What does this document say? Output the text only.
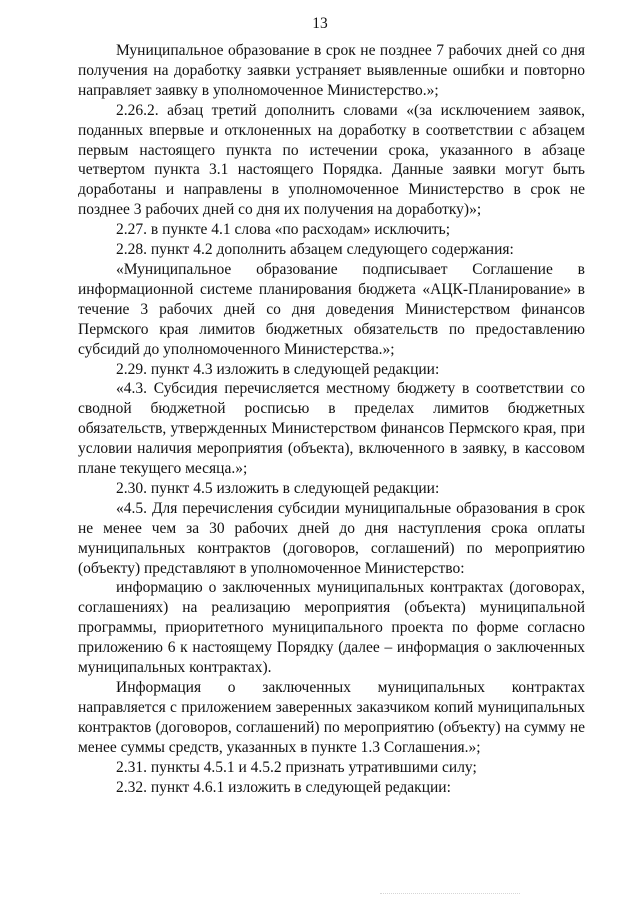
13

Муниципальное образование в срок не позднее 7 рабочих дней со дня получения на доработку заявки устраняет выявленные ошибки и повторно направляет заявку в уполномоченное Министерство.»;

2.26.2. абзац третий дополнить словами «(за исключением заявок, поданных впервые и отклоненных на доработку в соответствии с абзацем первым настоящего пункта по истечении срока, указанного в абзаце четвертом пункта 3.1 настоящего Порядка. Данные заявки могут быть доработаны и направлены в уполномоченное Министерство в срок не позднее 3 рабочих дней со дня их получения на доработку)»;

2.27. в пункте 4.1 слова «по расходам» исключить;

2.28. пункт 4.2 дополнить абзацем следующего содержания:

«Муниципальное образование подписывает Соглашение в информационной системе планирования бюджета «АЦК-Планирование» в течение 3 рабочих дней со дня доведения Министерством финансов Пермского края лимитов бюджетных обязательств по предоставлению субсидий до уполномоченного Министерства.»;

2.29. пункт 4.3 изложить в следующей редакции:

«4.3. Субсидия перечисляется местному бюджету в соответствии со сводной бюджетной росписью в пределах лимитов бюджетных обязательств, утвержденных Министерством финансов Пермского края, при условии наличия мероприятия (объекта), включенного в заявку, в кассовом плане текущего месяца.»;

2.30. пункт 4.5 изложить в следующей редакции:

«4.5. Для перечисления субсидии муниципальные образования в срок не менее чем за 30 рабочих дней до дня наступления срока оплаты муниципальных контрактов (договоров, соглашений) по мероприятию (объекту) представляют в уполномоченное Министерство:

информацию о заключенных муниципальных контрактах (договорах, соглашениях) на реализацию мероприятия (объекта) муниципальной программы, приоритетного муниципального проекта по форме согласно приложению 6 к настоящему Порядку (далее – информация о заключенных муниципальных контрактах).

Информация о заключенных муниципальных контрактах направляется с приложением заверенных заказчиком копий муниципальных контрактов (договоров, соглашений) по мероприятию (объекту) на сумму не менее суммы средств, указанных в пункте 1.3 Соглашения.»;

2.31. пункты 4.5.1 и 4.5.2 признать утратившими силу;

2.32. пункт 4.6.1 изложить в следующей редакции:
